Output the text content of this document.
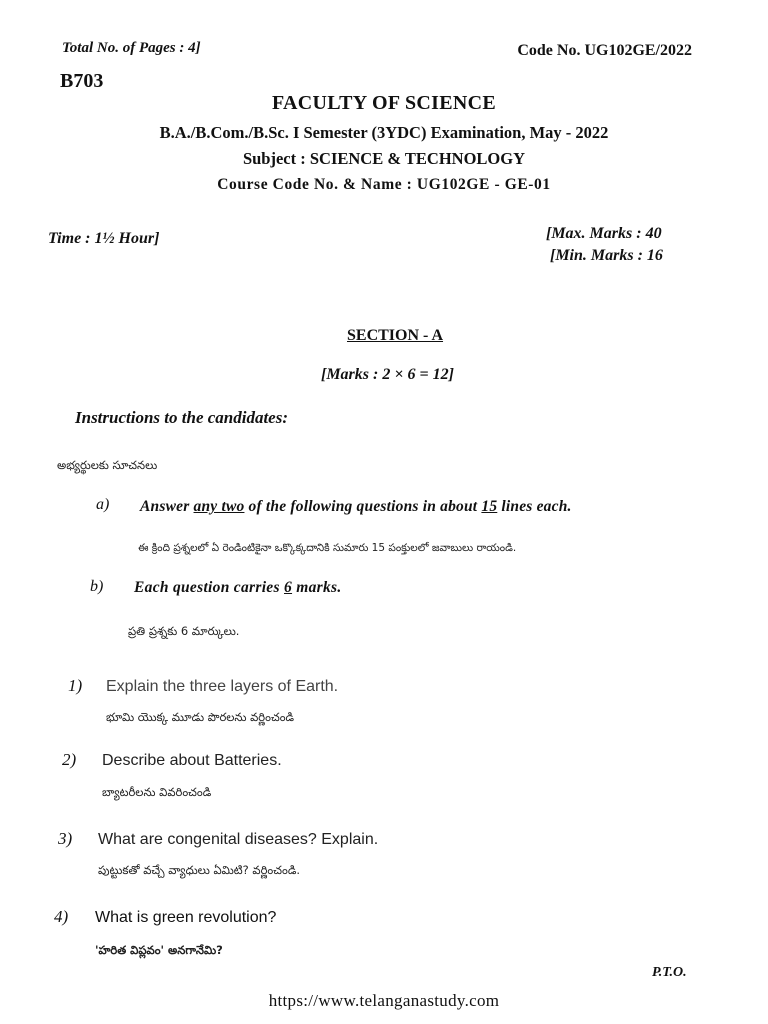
Total No. of Pages : 4]	Code No. UG102GE/2022
B703
FACULTY OF SCIENCE
B.A./B.Com./B.Sc. I Semester (3YDC) Examination, May - 2022
Subject : SCIENCE & TECHNOLOGY
Course Code No. & Name : UG102GE - GE-01
Time : 1½ Hour]	[Max. Marks : 40
[Min. Marks : 16
SECTION - A
[Marks : 2 × 6 = 12]
Instructions to the candidates:
అభ్యర్థులకు సూచనలు
a) Answer any two of the following questions in about 15 lines each.
ఈ క్రింది ప్రశ్నలలో ఏ రెండింటికైనా ఒక్కొక్కదానికి సుమారు 15 పంక్తులలో జవాబులు రాయండి.
b) Each question carries 6 marks.
ప్రతి ప్రశ్నకు 6 మార్కులు.
1) Explain the three layers of Earth.
భూమి యొక్క మూడు పొరలను వర్ణించండి
2) Describe about Batteries.
బ్యాటరీలను వివరించండి
3) What are congenital diseases? Explain.
పుట్టుకతో వచ్చే వ్యాధులు ఏమిటి? వర్ణించండి.
4) What is green revolution?
'హరిత విప్లవం' అనగానేమి?
P.T.O.
https://www.telanganastudy.com
